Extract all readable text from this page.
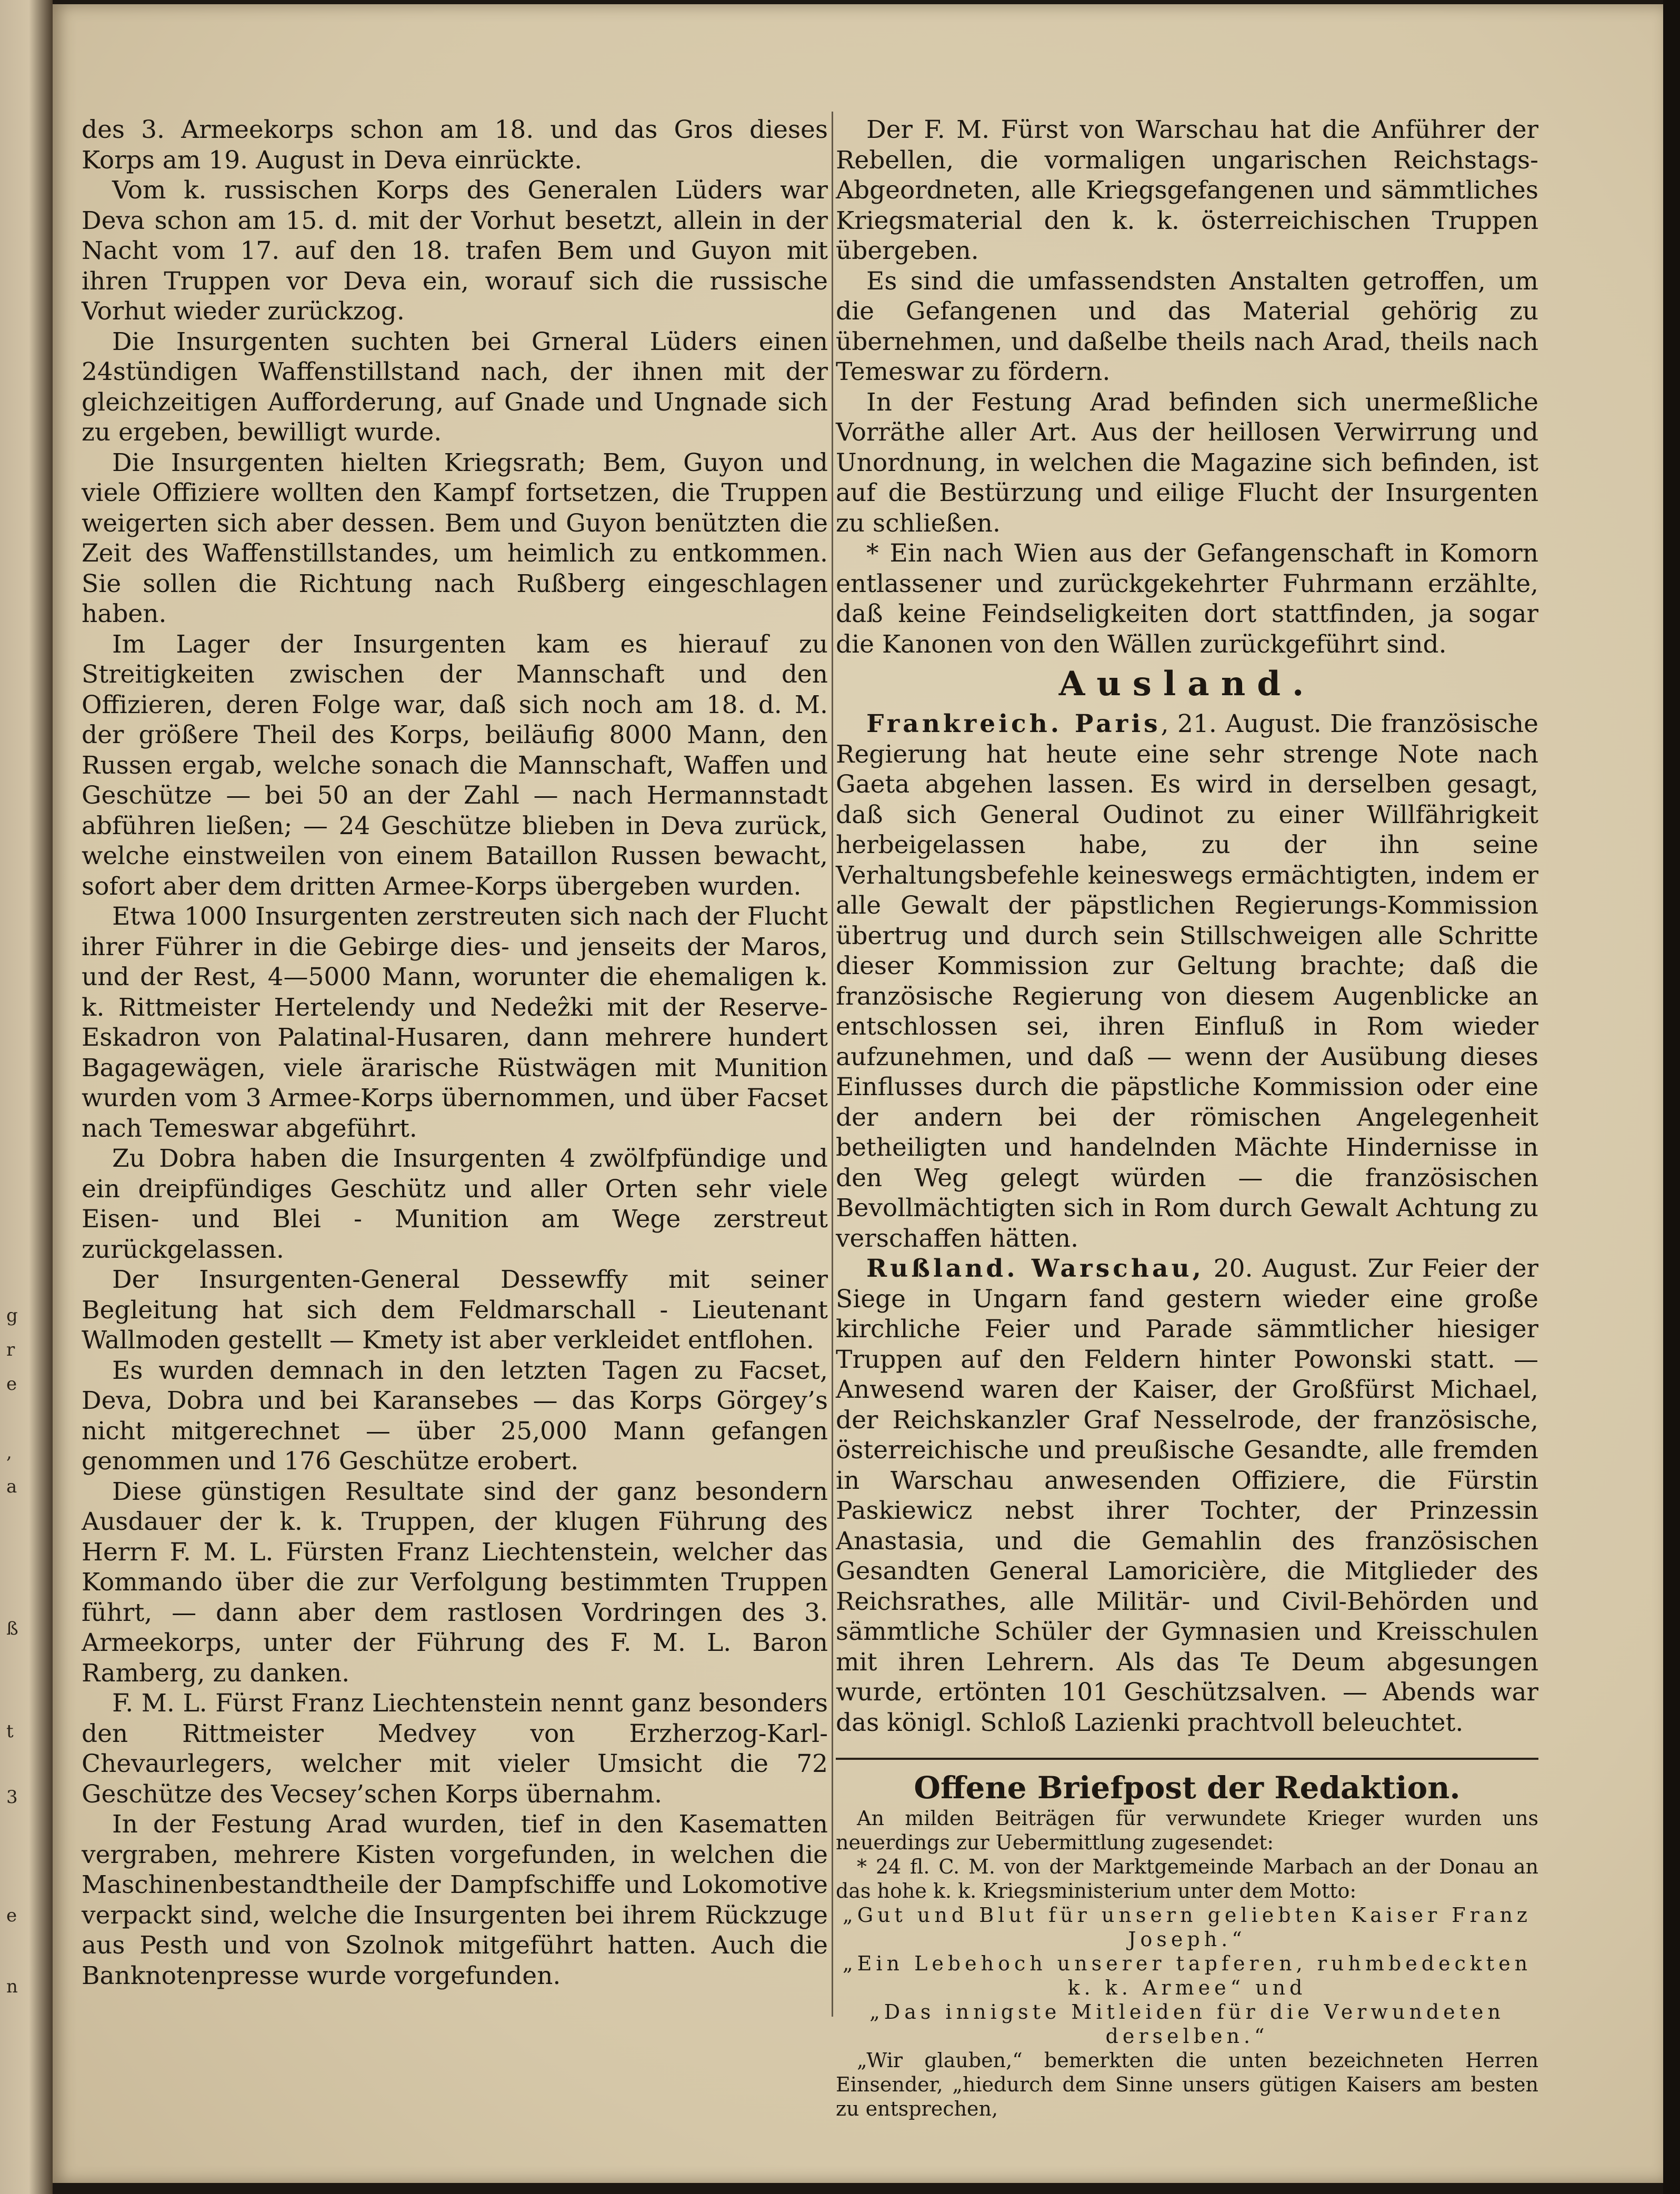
g
r
e
,
a
ß
t
3
e
n

des 3. Armeekorps schon am 18. und das Gros dieses Korps am 19. August in Deva einrückte.

Vom k. russischen Korps des Generalen Lüders war Deva schon am 15. d. mit der Vorhut besetzt, allein in der Nacht vom 17. auf den 18. trafen Bem und Guyon mit ihren Truppen vor Deva ein, worauf sich die russische Vorhut wieder zurückzog.

Die Insurgenten suchten bei Grneral Lüders einen 24stündigen Waffenstillstand nach, der ihnen mit der gleichzeitigen Aufforderung, auf Gnade und Ungnade sich zu ergeben, bewilligt wurde.

Die Insurgenten hielten Kriegsrath; Bem, Guyon und viele Offiziere wollten den Kampf fortsetzen, die Truppen weigerten sich aber dessen. Bem und Guyon benützten die Zeit des Waffenstillstandes, um heimlich zu entkommen. Sie sollen die Richtung nach Rußberg eingeschlagen haben.

Im Lager der Insurgenten kam es hierauf zu Streitigkeiten zwischen der Mannschaft und den Offizieren, deren Folge war, daß sich noch am 18. d. M. der größere Theil des Korps, beiläufig 8000 Mann, den Russen ergab, welche sonach die Mannschaft, Waffen und Geschütze — bei 50 an der Zahl — nach Hermannstadt abführen ließen; — 24 Geschütze blieben in Deva zurück, welche einstweilen von einem Bataillon Russen bewacht, sofort aber dem dritten Armee-Korps übergeben wurden.

Etwa 1000 Insurgenten zerstreuten sich nach der Flucht ihrer Führer in die Gebirge dies- und jenseits der Maros, und der Rest, 4—5000 Mann, worunter die ehemaligen k. k. Rittmeister Hertelendy und Nedeẑki mit der Reserve-Eskadron von Palatinal-Husaren, dann mehrere hundert Bagagewägen, viele ärarische Rüstwägen mit Munition wurden vom 3 Armee-Korps übernommen, und über Facset nach Temeswar abgeführt.

Zu Dobra haben die Insurgenten 4 zwölfpfündige und ein dreipfündiges Geschütz und aller Orten sehr viele Eisen- und Blei - Munition am Wege zerstreut zurückgelassen.

Der Insurgenten-General Dessewffy mit seiner Begleitung hat sich dem Feldmarschall - Lieutenant Wallmoden gestellt — Kmety ist aber verkleidet entflohen.

Es wurden demnach in den letzten Tagen zu Facset, Deva, Dobra und bei Karansebes — das Korps Görgey’s nicht mitgerechnet — über 25,000 Mann gefangen genommen und 176 Geschütze erobert.

Diese günstigen Resultate sind der ganz besondern Ausdauer der k. k. Truppen, der klugen Führung des Herrn F. M. L. Fürsten Franz Liechtenstein, welcher das Kommando über die zur Verfolgung bestimmten Truppen führt, — dann aber dem rastlosen Vordringen des 3. Armeekorps, unter der Führung des F. M. L. Baron Ramberg, zu danken.

F. M. L. Fürst Franz Liechtenstein nennt ganz besonders den Rittmeister Medvey von Erzherzog-Karl-Chevaurlegers, welcher mit vieler Umsicht die 72 Geschütze des Vecsey’schen Korps übernahm.

In der Festung Arad wurden, tief in den Kasematten vergraben, mehrere Kisten vorgefunden, in welchen die Maschinenbestandtheile der Dampfschiffe und Lokomotive verpackt sind, welche die Insurgenten bei ihrem Rückzuge aus Pesth und von Szolnok mitgeführt hatten. Auch die Banknotenpresse wurde vorgefunden.

Der F. M. Fürst von Warschau hat die Anführer der Rebellen, die vormaligen ungarischen Reichstags-Abgeordneten, alle Kriegsgefangenen und sämmtliches Kriegsmaterial den k. k. österreichischen Truppen übergeben.

Es sind die umfassendsten Anstalten getroffen, um die Gefangenen und das Material gehörig zu übernehmen, und daßelbe theils nach Arad, theils nach Temeswar zu fördern.

In der Festung Arad befinden sich unermeßliche Vorräthe aller Art. Aus der heillosen Verwirrung und Unordnung, in welchen die Magazine sich befinden, ist auf die Bestürzung und eilige Flucht der Insurgenten zu schließen.

* Ein nach Wien aus der Gefangenschaft in Komorn entlassener und zurückgekehrter Fuhrmann erzählte, daß keine Feindseligkeiten dort stattfinden, ja sogar die Kanonen von den Wällen zurückgeführt sind.

Ausland.

Frankreich. Paris, 21. August. Die französische Regierung hat heute eine sehr strenge Note nach Gaeta abgehen lassen. Es wird in derselben gesagt, daß sich General Oudinot zu einer Willfährigkeit herbeigelassen habe, zu der ihn seine Verhaltungsbefehle keineswegs ermächtigten, indem er alle Gewalt der päpstlichen Regierungs-Kommission übertrug und durch sein Stillschweigen alle Schritte dieser Kommission zur Geltung brachte; daß die französische Regierung von diesem Augenblicke an entschlossen sei, ihren Einfluß in Rom wieder aufzunehmen, und daß — wenn der Ausübung dieses Einflusses durch die päpstliche Kommission oder eine der andern bei der römischen Angelegenheit betheiligten und handelnden Mächte Hindernisse in den Weg gelegt würden — die französischen Bevollmächtigten sich in Rom durch Gewalt Achtung zu verschaffen hätten.

Rußland. Warschau, 20. August. Zur Feier der Siege in Ungarn fand gestern wieder eine große kirchliche Feier und Parade sämmtlicher hiesiger Truppen auf den Feldern hinter Powonski statt. — Anwesend waren der Kaiser, der Großfürst Michael, der Reichskanzler Graf Nesselrode, der französische, österreichische und preußische Gesandte, alle fremden in Warschau anwesenden Offiziere, die Fürstin Paskiewicz nebst ihrer Tochter, der Prinzessin Anastasia, und die Gemahlin des französischen Gesandten General Lamoricière, die Mitglieder des Reichsrathes, alle Militär- und Civil-Behörden und sämmtliche Schüler der Gymnasien und Kreisschulen mit ihren Lehrern. Als das Te Deum abgesungen wurde, ertönten 101 Geschützsalven. — Abends war das königl. Schloß Lazienki prachtvoll beleuchtet.

Offene Briefpost der Redaktion.

An milden Beiträgen für verwundete Krieger wurden uns neuerdings zur Uebermittlung zugesendet:

* 24 fl. C. M. von der Marktgemeinde Marbach an der Donau an das hohe k. k. Kriegsministerium unter dem Motto:

„Gut und Blut für unsern geliebten Kaiser Franz Joseph.“

„Ein Lebehoch unserer tapferen, ruhmbedeckten k. k. Armee“ und

„Das innigste Mitleiden für die Verwundeten derselben.“

„Wir glauben,“ bemerkten die unten bezeichneten Herren Einsender, „hiedurch dem Sinne unsers gütigen Kaisers am besten zu entsprechen,
